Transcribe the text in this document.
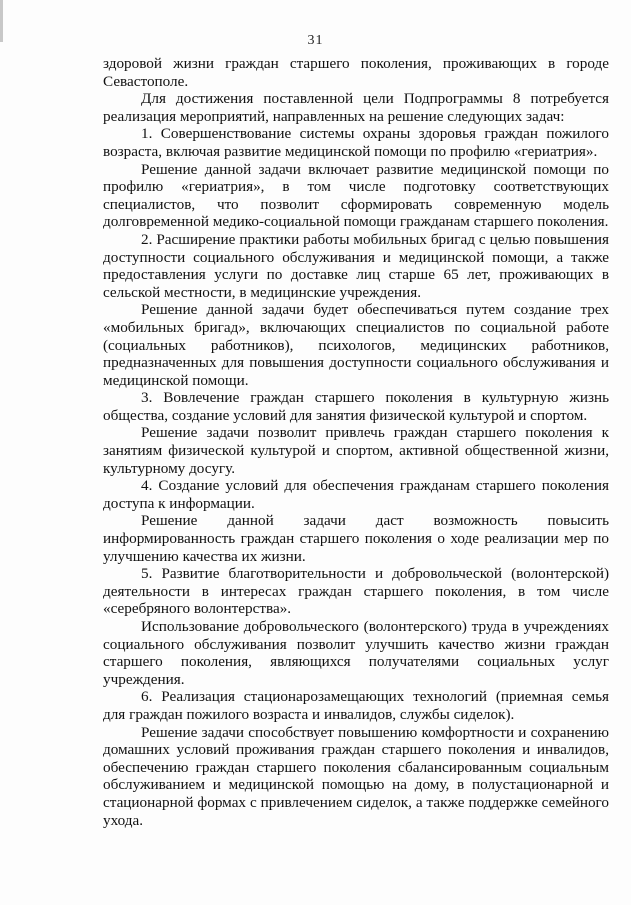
31

здоровой жизни граждан старшего поколения, проживающих в городе Севастополе.

Для достижения поставленной цели Подпрограммы 8 потребуется реализация мероприятий, направленных на решение следующих задач:

1. Совершенствование системы охраны здоровья граждан пожилого возраста, включая развитие медицинской помощи по профилю «гериатрия».

Решение данной задачи включает развитие медицинской помощи по профилю «гериатрия», в том числе подготовку соответствующих специалистов, что позволит сформировать современную модель долговременной медико-социальной помощи гражданам старшего поколения.

2. Расширение практики работы мобильных бригад с целью повышения доступности социального обслуживания и медицинской помощи, а также предоставления услуги по доставке лиц старше 65 лет, проживающих в сельской местности, в медицинские учреждения.

Решение данной задачи будет обеспечиваться путем создание трех «мобильных бригад», включающих специалистов по социальной работе (социальных работников), психологов, медицинских работников, предназначенных для повышения доступности социального обслуживания и медицинской помощи.

3. Вовлечение граждан старшего поколения в культурную жизнь общества, создание условий для занятия физической культурой и спортом.

Решение задачи позволит привлечь граждан старшего поколения к занятиям физической культурой и спортом, активной общественной жизни, культурному досугу.

4. Создание условий для обеспечения гражданам старшего поколения доступа к информации.

Решение данной задачи даст возможность повысить информированность граждан старшего поколения о ходе реализации мер по улучшению качества их жизни.

5. Развитие благотворительности и добровольческой (волонтерской) деятельности в интересах граждан старшего поколения, в том числе «серебряного волонтерства».

Использование добровольческого (волонтерского) труда в учреждениях социального обслуживания позволит улучшить качество жизни граждан старшего поколения, являющихся получателями социальных услуг учреждения.

6. Реализация стационарозамещающих технологий (приемная семья для граждан пожилого возраста и инвалидов, службы сиделок).

Решение задачи способствует повышению комфортности и сохранению домашних условий проживания граждан старшего поколения и инвалидов, обеспечению граждан старшего поколения сбалансированным социальным обслуживанием и медицинской помощью на дому, в полустационарной и стационарной формах с привлечением сиделок, а также поддержке семейного ухода.
